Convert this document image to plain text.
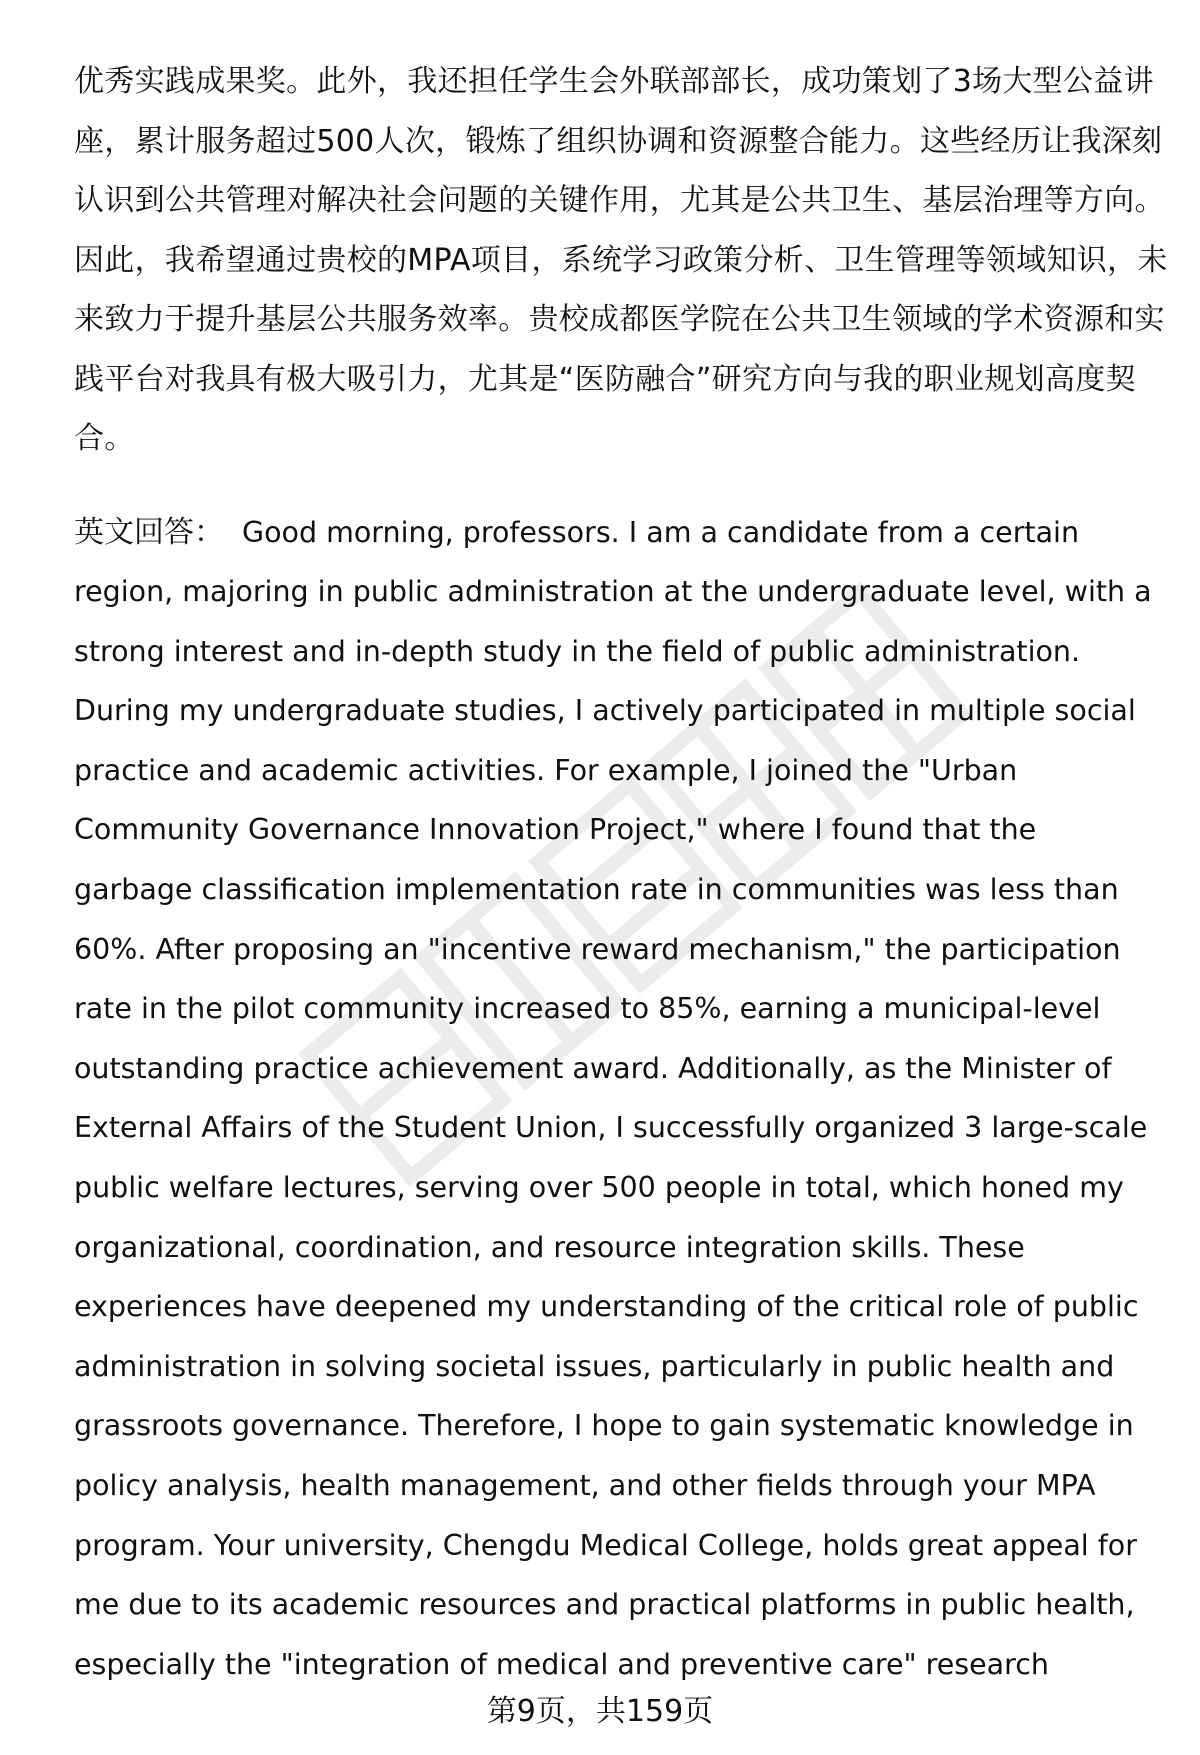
优秀实践成果奖。此外，我还担任学生会外联部部长，成功策划了3场大型公益讲
座，累计服务超过500人次，锻炼了组织协调和资源整合能力。这些经历让我深刻
认识到公共管理对解决社会问题的关键作用，尤其是公共卫生、基层治理等方向。
因此，我希望通过贵校的MPA项目，系统学习政策分析、卫生管理等领域知识，未
来致力于提升基层公共服务效率。贵校成都医学院在公共卫生领域的学术资源和实
践平台对我具有极大吸引力，尤其是“医防融合”研究方向与我的职业规划高度契
合。

英文回答： Good morning, professors. I am a candidate from a certain
region, majoring in public administration at the undergraduate level, with a
strong interest and in-depth study in the field of public administration.
During my undergraduate studies, I actively participated in multiple social
practice and academic activities. For example, I joined the "Urban
Community Governance Innovation Project," where I found that the
garbage classification implementation rate in communities was less than
60%. After proposing an "incentive reward mechanism," the participation
rate in the pilot community increased to 85%, earning a municipal-level
outstanding practice achievement award. Additionally, as the Minister of
External Affairs of the Student Union, I successfully organized 3 large-scale
public welfare lectures, serving over 500 people in total, which honed my
organizational, coordination, and resource integration skills. These
experiences have deepened my understanding of the critical role of public
administration in solving societal issues, particularly in public health and
grassroots governance. Therefore, I hope to gain systematic knowledge in
policy analysis, health management, and other fields through your MPA
program. Your university, Chengdu Medical College, holds great appeal for
me due to its academic resources and practical platforms in public health,
especially the "integration of medical and preventive care" research

第9页，共159页
